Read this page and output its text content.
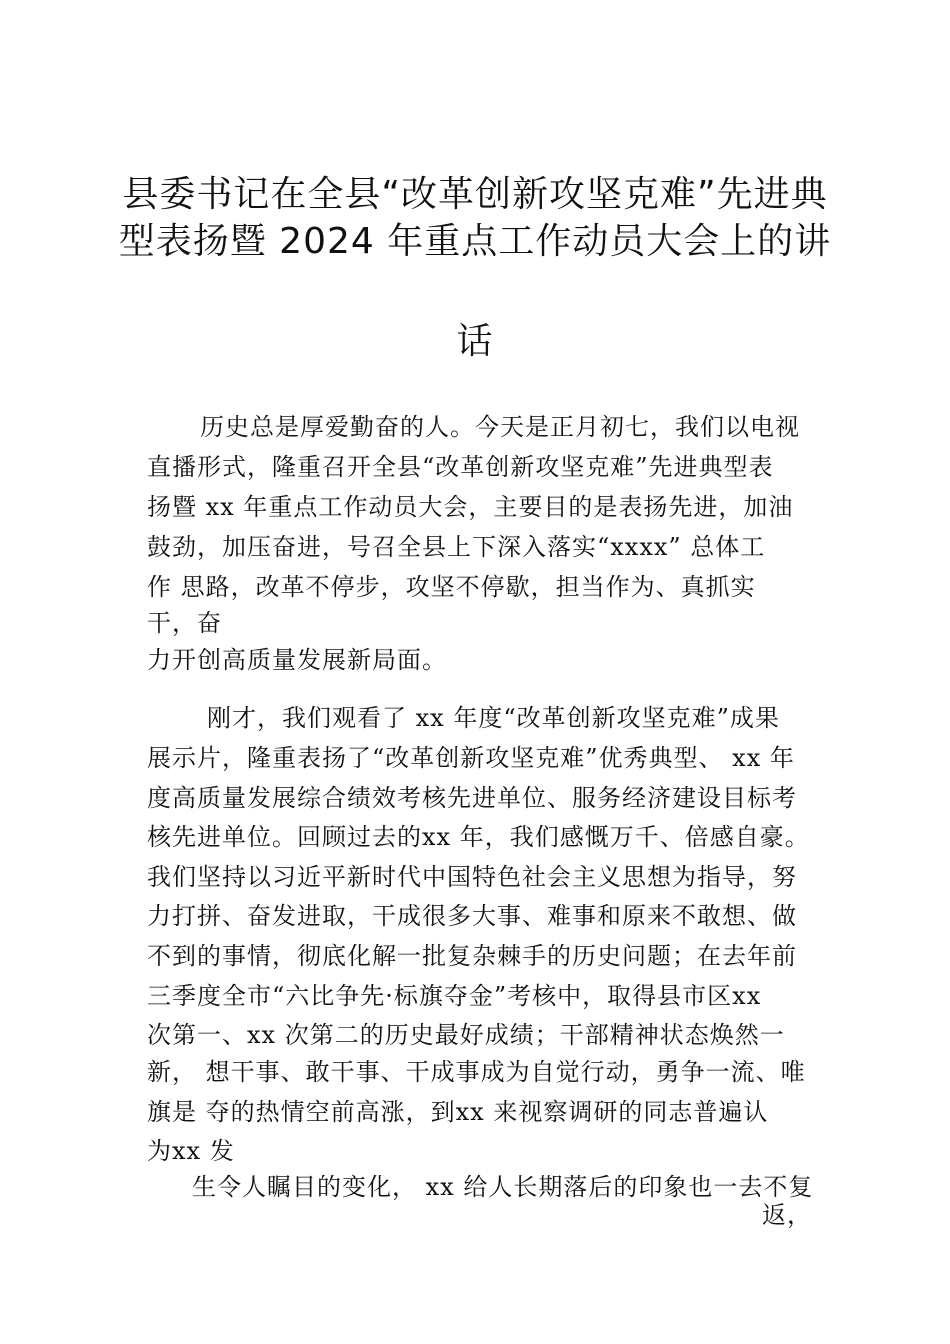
县委书记在全县“改革创新攻坚克难”先进典
型表扬暨 2024 年重点工作动员大会上的讲
话
历史总是厚爱勤奋的人。今天是正月初七，我们以电视
直播形式，隆重召开全县“改革创新攻坚克难”先进典型表
扬暨 xx 年重点工作动员大会，主要目的是表扬先进，加油
鼓劲，加压奋进，号召全县上下深入落实“xxxx” 总体工
作 思路，改革不停步，攻坚不停歇，担当作为、真抓实
干，奋
力开创高质量发展新局面。
刚才，我们观看了 xx 年度“改革创新攻坚克难”成果
展示片，隆重表扬了“改革创新攻坚克难”优秀典型、 xx 年
度高质量发展综合绩效考核先进单位、服务经济建设目标考
核先进单位。回顾过去的xx 年，我们感慨万千、倍感自豪。
我们坚持以习近平新时代中国特色社会主义思想为指导，努
力打拼、奋发进取，干成很多大事、难事和原来不敢想、做
不到的事情，彻底化解一批复杂棘手的历史问题；在去年前
三季度全市“六比争先·标旗夺金”考核中，取得县市区xx
次第一、xx 次第二的历史最好成绩；干部精神状态焕然一
新， 想干事、敢干事、干成事成为自觉行动，勇争一流、唯
旗是 夺的热情空前高涨，到xx 来视察调研的同志普遍认
为xx 发
生令人瞩目的变化， xx 给人长期落后的印象也一去不复
返，
